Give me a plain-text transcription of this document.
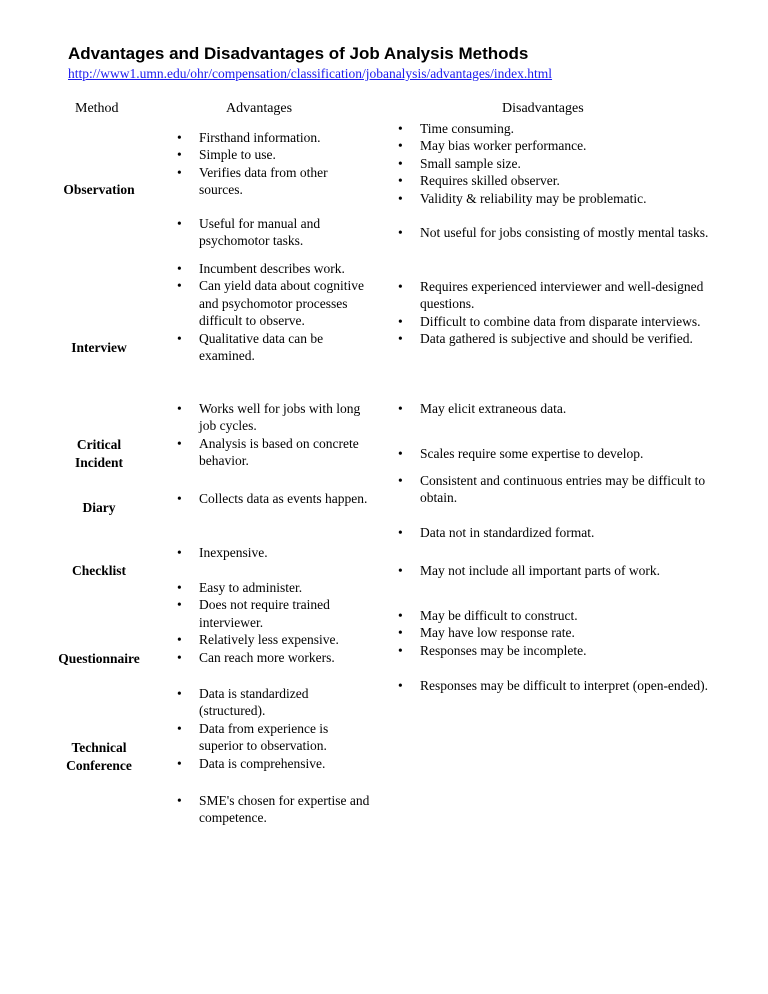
Advantages and Disadvantages of Job Analysis Methods
http://www1.umn.edu/ohr/compensation/classification/jobanalysis/advantages/index.html
Method	Advantages	Disadvantages
Observation
Interview
Critical Incident
Diary
Checklist
Questionnaire
Technical Conference
• Firsthand information.
• Simple to use.
• Verifies data from other sources.
• Useful for manual and psychomotor tasks.
• Incumbent describes work.
• Can yield data about cognitive and psychomotor processes difficult to observe.
• Qualitative data can be examined.
• Works well for jobs with long job cycles.
• Analysis is based on concrete behavior.
• Collects data as events happen.
• Inexpensive.
• Easy to administer.
• Does not require trained interviewer.
• Relatively less expensive.
• Can reach more workers.
• Data is standardized (structured).
• Data from experience is superior to observation.
• Data is comprehensive.
• SME's chosen for expertise and competence.
• Time consuming.
• May bias worker performance.
• Small sample size.
• Requires skilled observer.
• Validity & reliability may be problematic.
• Not useful for jobs consisting of mostly mental tasks.
• Requires experienced interviewer and well-designed questions.
• Difficult to combine data from disparate interviews.
• Data gathered is subjective and should be verified.
• May elicit extraneous data.
• Scales require some expertise to develop.
• Consistent and continuous entries may be difficult to obtain.
• Data not in standardized format.
• May not include all important parts of work.
• May be difficult to construct.
• May have low response rate.
• Responses may be incomplete.
• Responses may be difficult to interpret (open-ended).
